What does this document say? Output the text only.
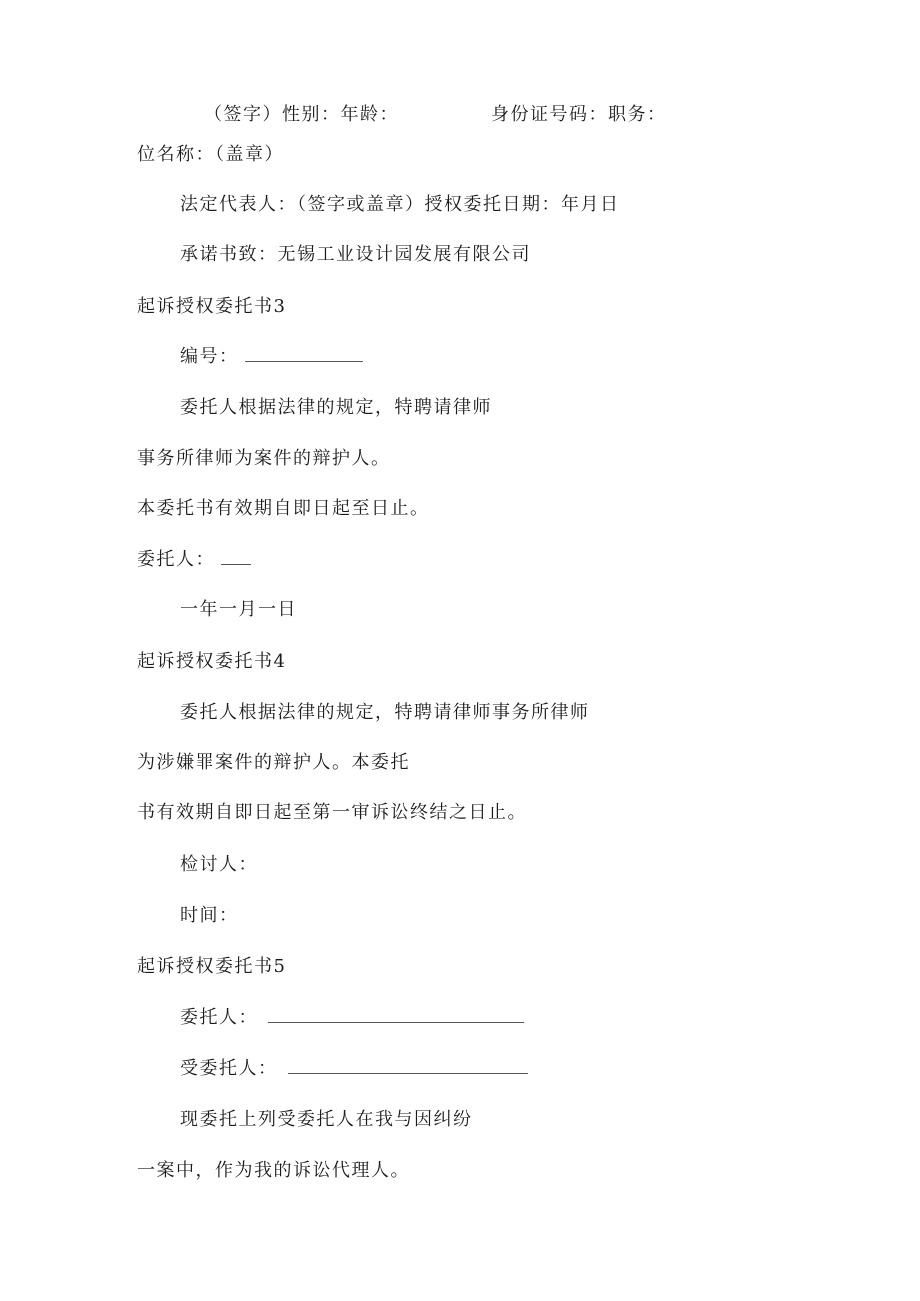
（签字）性别：年龄：	身份证号码：职务：
位名称：（盖章）
法定代表人：（签字或盖章）授权委托日期：年月日
承诺书致：无锡工业设计园发展有限公司
起诉授权委托书3
编号：
委托人根据法律的规定，特聘请律师
事务所律师为案件的辩护人。
本委托书有效期自即日起至日止。
委托人：
一年一月一日
起诉授权委托书4
委托人根据法律的规定，特聘请律师事务所律师
为涉嫌罪案件的辩护人。本委托
书有效期自即日起至第一审诉讼终结之日止。
检讨人：
时间：
起诉授权委托书5
委托人：
受委托人：
现委托上列受委托人在我与因纠纷
一案中，作为我的诉讼代理人。
